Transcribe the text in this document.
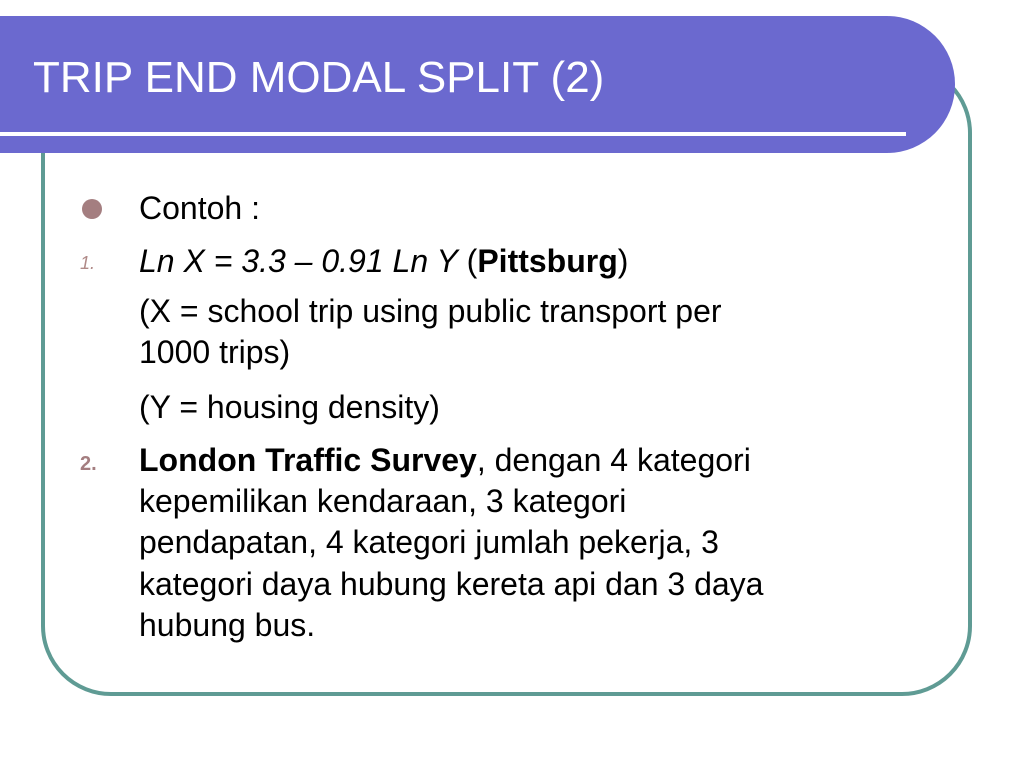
TRIP END MODAL SPLIT (2)
Contoh :
1.	Ln X = 3.3 – 0.91 Ln Y (Pittsburg)
(X = school trip using public transport per
1000 trips)
(Y = housing density)
2.	London Traffic Survey, dengan 4 kategori
kepemilikan kendaraan, 3 kategori
pendapatan, 4 kategori jumlah pekerja, 3
kategori daya hubung kereta api dan 3 daya
hubung bus.
